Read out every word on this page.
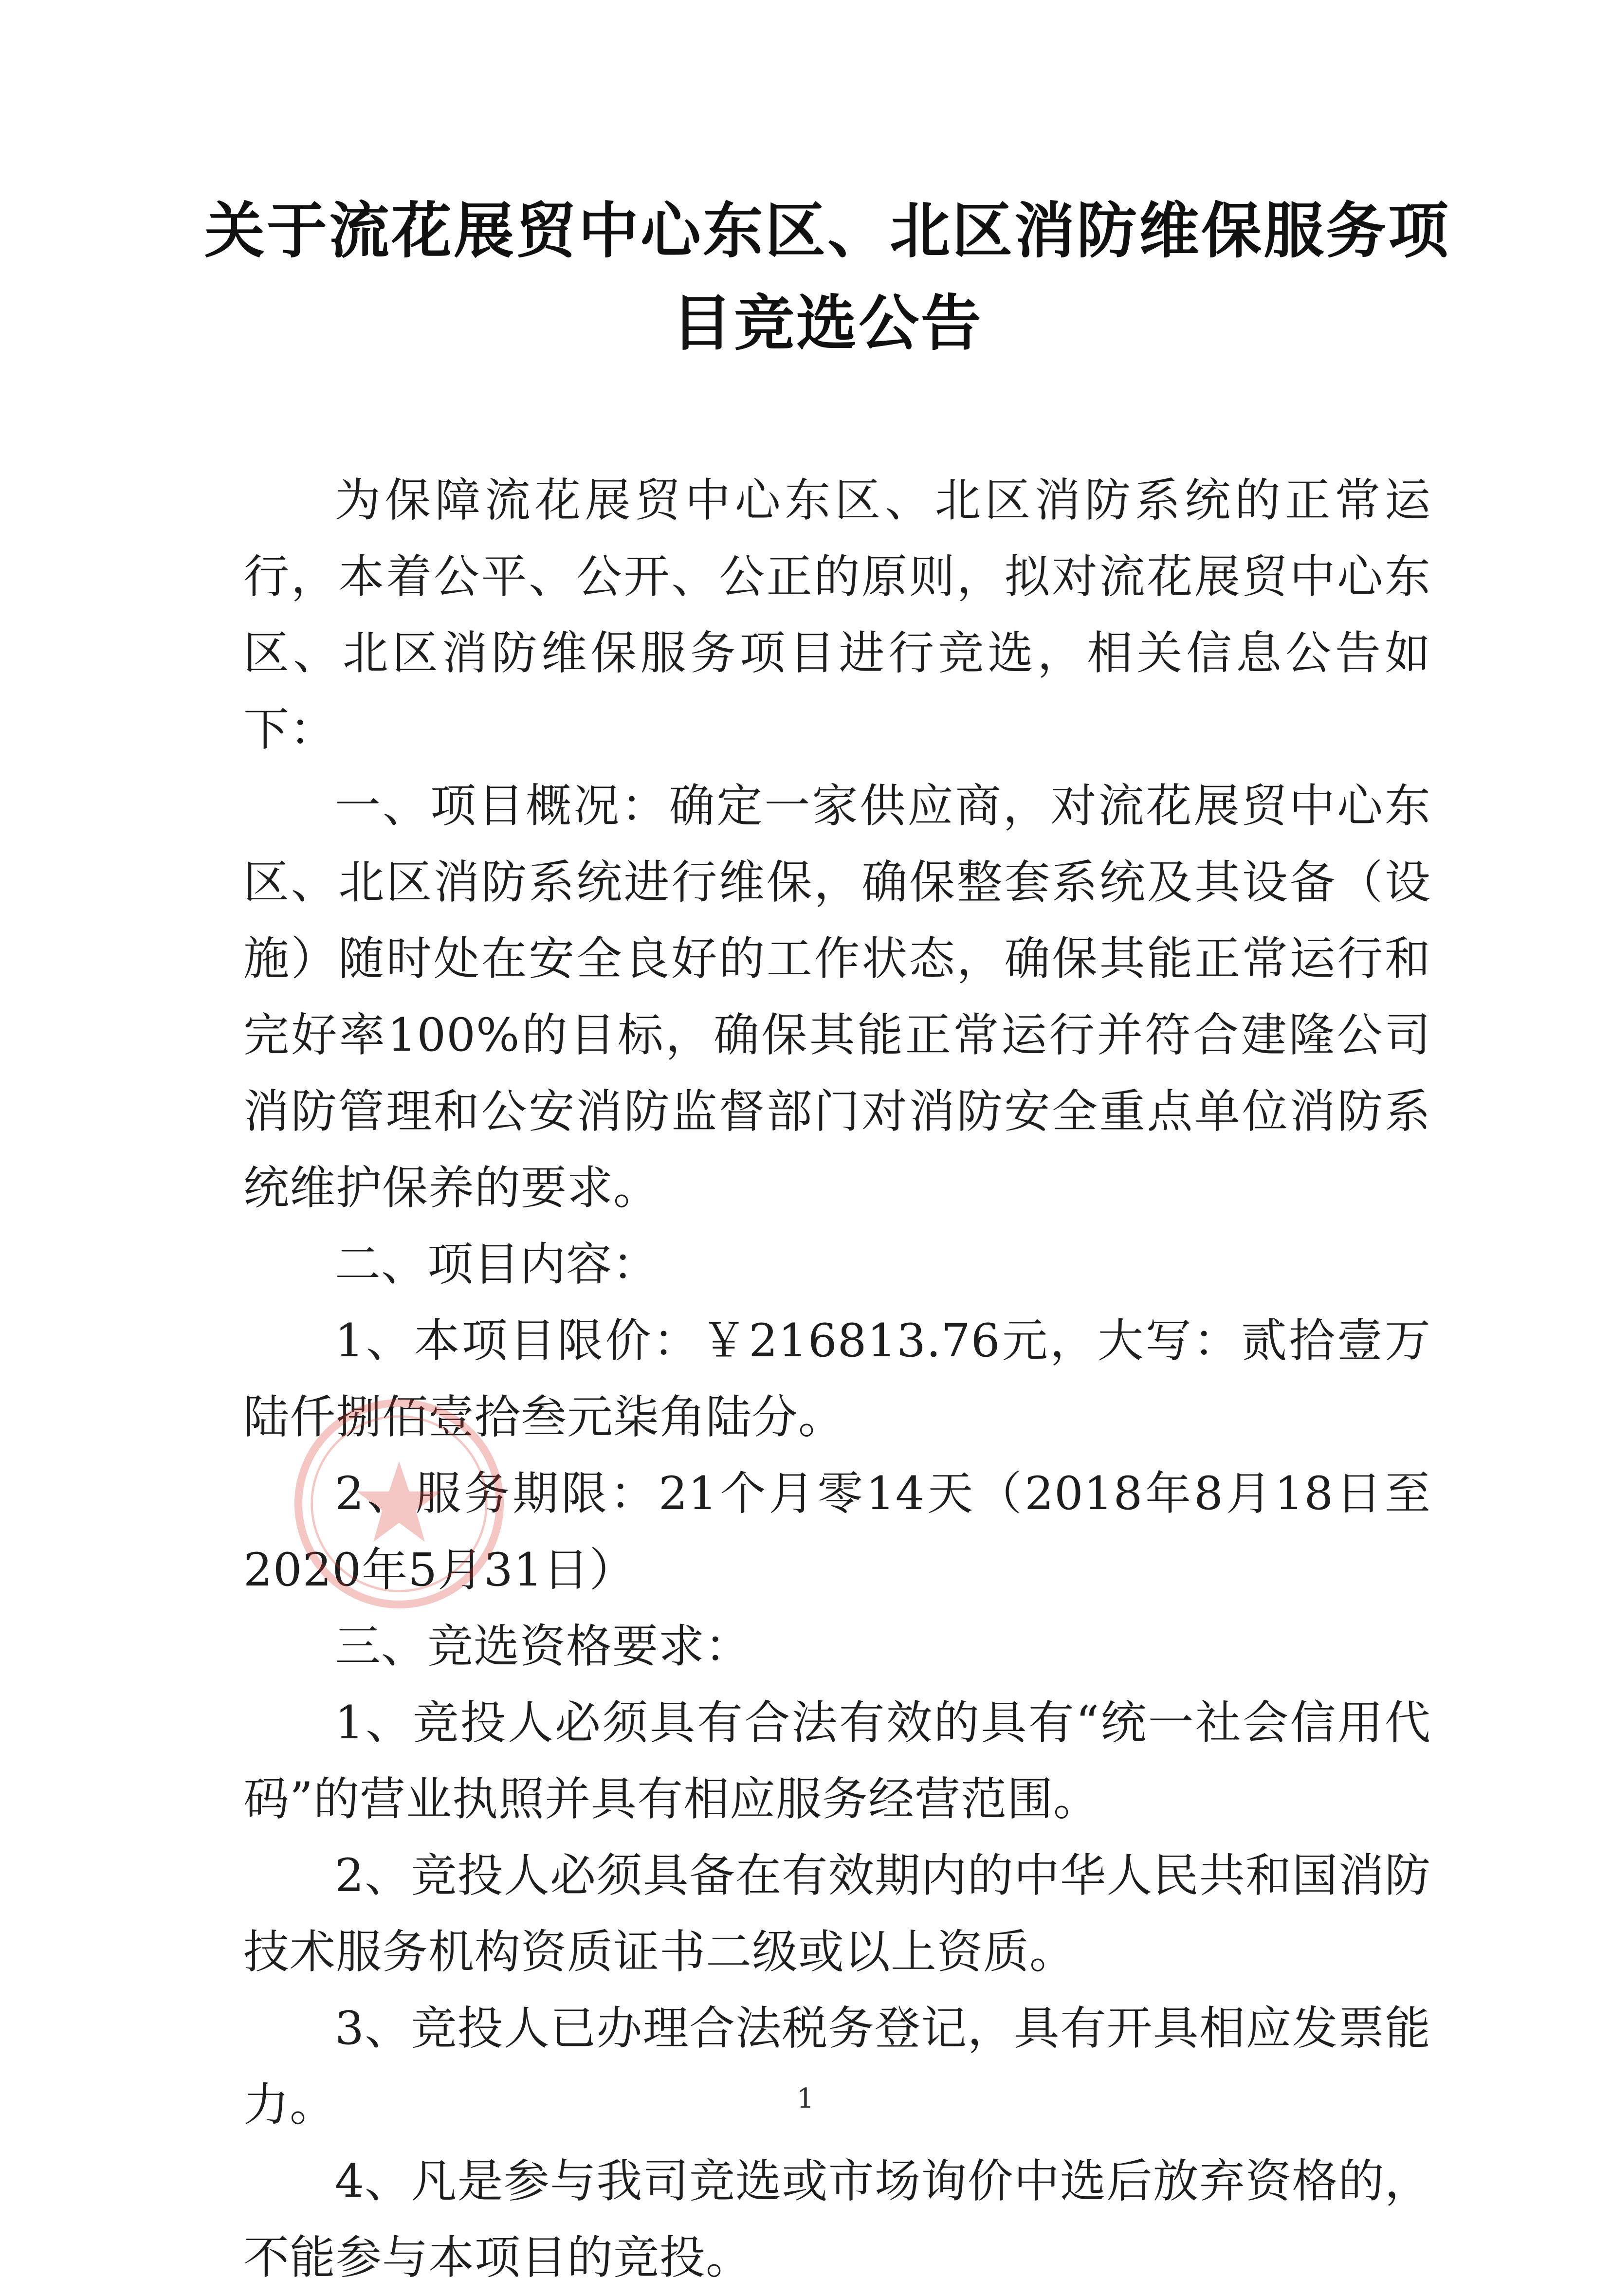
关于流花展贸中心东区、北区消防维保服务项目竞选公告

为保障流花展贸中心东区、北区消防系统的正常运行，本着公平、公开、公正的原则，拟对流花展贸中心东区、北区消防维保服务项目进行竞选，相关信息公告如下：

一、项目概况：确定一家供应商，对流花展贸中心东区、北区消防系统进行维保，确保整套系统及其设备（设施）随时处在安全良好的工作状态，确保其能正常运行和完好率100%的目标，确保其能正常运行并符合建隆公司消防管理和公安消防监督部门对消防安全重点单位消防系统维护保养的要求。

二、项目内容：

1、本项目限价：￥216813.76元，大写：贰拾壹万陆仟捌佰壹拾叁元柒角陆分。

2、服务期限：21个月零14天（2018年8月18日至2020年5月31日）

三、竞选资格要求：

1、竞投人必须具有合法有效的具有“统一社会信用代码”的营业执照并具有相应服务经营范围。

2、竞投人必须具备在有效期内的中华人民共和国消防技术服务机构资质证书二级或以上资质。

3、竞投人已办理合法税务登记，具有开具相应发票能力。

4、凡是参与我司竞选或市场询价中选后放弃资格的，不能参与本项目的竞投。

1
